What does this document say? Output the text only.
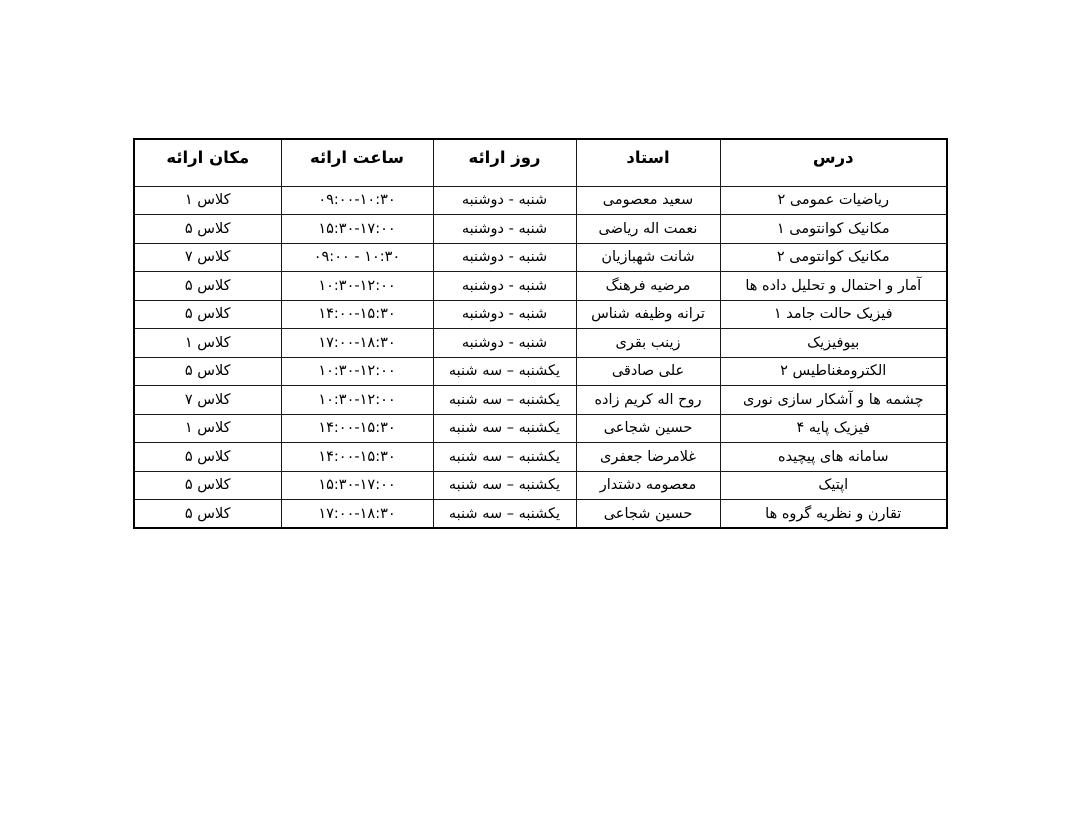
درس	استاد	روز ارائه	ساعت ارائه	مکان ارائه
ریاضیات عمومی ۲	سعید معصومی	شنبه - دوشنبه	۰۹:۰۰-۱۰:۳۰	کلاس ۱
مکانیک کوانتومی ۱	نعمت اله ریاضی	شنبه - دوشنبه	۱۵:۳۰-۱۷:۰۰	کلاس ۵
مکانیک کوانتومی ۲	شانت شهبازیان	شنبه - دوشنبه	۰۹:۰۰ - ۱۰:۳۰	کلاس ۷
آمار و احتمال و تحلیل داده ها	مرضیه فرهنگ	شنبه - دوشنبه	۱۰:۳۰-۱۲:۰۰	کلاس ۵
فیزیک حالت جامد ۱	ترانه وظیفه شناس	شنبه - دوشنبه	۱۴:۰۰-۱۵:۳۰	کلاس ۵
بیوفیزیک	زینب بقری	شنبه - دوشنبه	۱۷:۰۰-۱۸:۳۰	کلاس ۱
الکترومغناطیس ۲	علی صادقی	یکشنبه – سه شنبه	۱۰:۳۰-۱۲:۰۰	کلاس ۵
چشمه ها و آشکار سازی نوری	روح اله کریم زاده	یکشنبه – سه شنبه	۱۰:۳۰-۱۲:۰۰	کلاس ۷
فیزیک پایه ۴	حسین شجاعی	یکشنبه – سه شنبه	۱۴:۰۰-۱۵:۳۰	کلاس ۱
سامانه های پیچیده	غلامرضا جعفری	یکشنبه – سه شنبه	۱۴:۰۰-۱۵:۳۰	کلاس ۵
اپتیک	معصومه دشتدار	یکشنبه – سه شنبه	۱۵:۳۰-۱۷:۰۰	کلاس ۵
تقارن و نظریه گروه ها	حسین شجاعی	یکشنبه – سه شنبه	۱۷:۰۰-۱۸:۳۰	کلاس ۵
